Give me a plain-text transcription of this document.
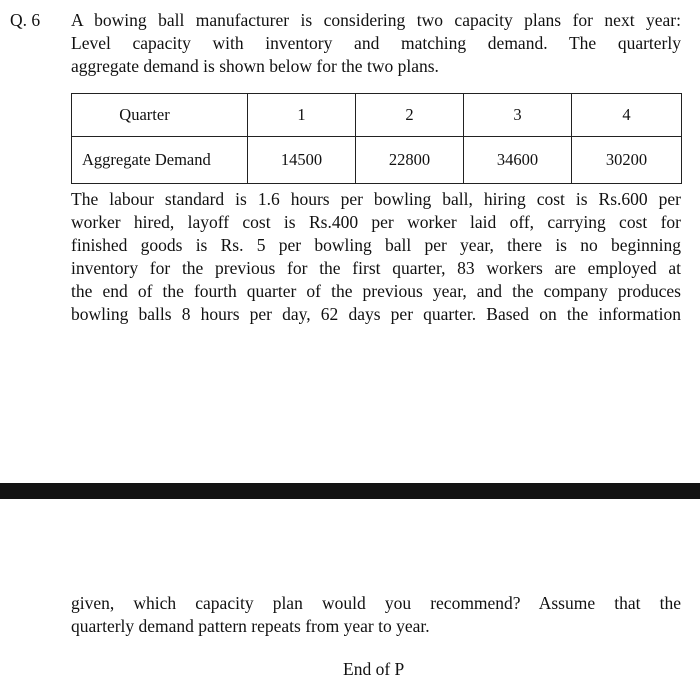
Q. 6 A bowing ball manufacturer is considering two capacity plans for next year:
Level capacity with inventory and matching demand. The quarterly
aggregate demand is shown below for the two plans.
Quarter	1	2	3	4
Aggregate Demand	14500	22800	34600	30200
The labour standard is 1.6 hours per bowling ball, hiring cost is Rs.600 per
worker hired, layoff cost is Rs.400 per worker laid off, carrying cost for
finished goods is Rs. 5 per bowling ball per year, there is no beginning
inventory for the previous for the first quarter, 83 workers are employed at
the end of the fourth quarter of the previous year, and the company produces
bowling balls 8 hours per day, 62 days per quarter. Based on the information
given, which capacity plan would you recommend? Assume that the
quarterly demand pattern repeats from year to year.
End of P
